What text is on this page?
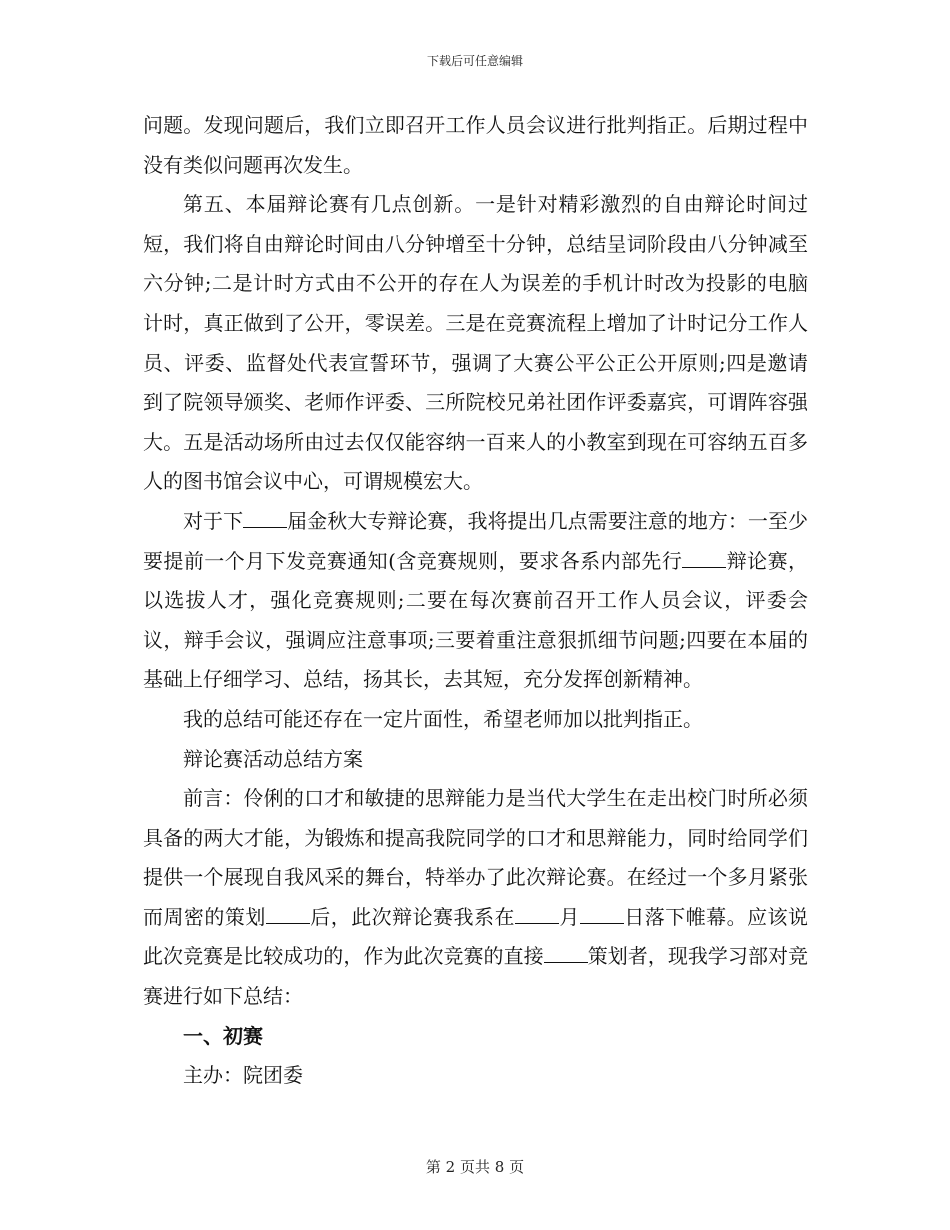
下载后可任意编辑

问题。发现问题后，我们立即召开工作人员会议进行批判指正。后期过程中没有类似问题再次发生。

第五、本届辩论赛有几点创新。一是针对精彩激烈的自由辩论时间过短，我们将自由辩论时间由八分钟增至十分钟，总结呈词阶段由八分钟减至六分钟;二是计时方式由不公开的存在人为误差的手机计时改为投影的电脑计时，真正做到了公开，零误差。三是在竞赛流程上增加了计时记分工作人员、评委、监督处代表宣誓环节，强调了大赛公平公正公开原则;四是邀请到了院领导颁奖、老师作评委、三所院校兄弟社团作评委嘉宾，可谓阵容强大。五是活动场所由过去仅仅能容纳一百来人的小教室到现在可容纳五百多人的图书馆会议中心，可谓规模宏大。

对于下 届金秋大专辩论赛，我将提出几点需要注意的地方：一至少要提前一个月下发竞赛通知(含竞赛规则，要求各系内部先行 辩论赛，以选拔人才，强化竞赛规则;二要在每次赛前召开工作人员会议，评委会议，辩手会议，强调应注意事项;三要着重注意狠抓细节问题;四要在本届的基础上仔细学习、总结，扬其长，去其短，充分发挥创新精神。

我的总结可能还存在一定片面性，希望老师加以批判指正。

辩论赛活动总结方案

前言：伶俐的口才和敏捷的思辩能力是当代大学生在走出校门时所必须具备的两大才能，为锻炼和提高我院同学的口才和思辩能力，同时给同学们提供一个展现自我风采的舞台，特举办了此次辩论赛。在经过一个多月紧张而周密的策划 后，此次辩论赛我系在 月 日落下帷幕。应该说此次竞赛是比较成功的，作为此次竞赛的直接 策划者，现我学习部对竞赛进行如下总结：

一、初赛

主办：院团委

第 2 页共 8 页
